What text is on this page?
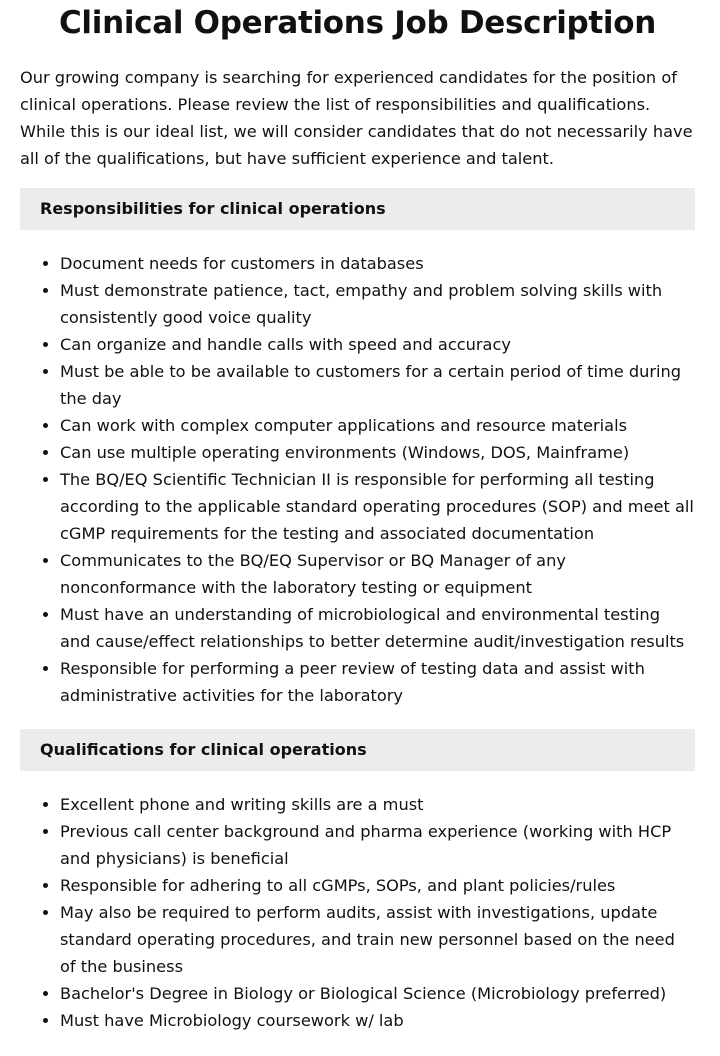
Clinical Operations Job Description

Our growing company is searching for experienced candidates for the position of clinical operations. Please review the list of responsibilities and qualifications. While this is our ideal list, we will consider candidates that do not necessarily have all of the qualifications, but have sufficient experience and talent.

Responsibilities for clinical operations
• Document needs for customers in databases
• Must demonstrate patience, tact, empathy and problem solving skills with consistently good voice quality
• Can organize and handle calls with speed and accuracy
• Must be able to be available to customers for a certain period of time during the day
• Can work with complex computer applications and resource materials
• Can use multiple operating environments (Windows, DOS, Mainframe)
• The BQ/EQ Scientific Technician II is responsible for performing all testing according to the applicable standard operating procedures (SOP) and meet all cGMP requirements for the testing and associated documentation
• Communicates to the BQ/EQ Supervisor or BQ Manager of any nonconformance with the laboratory testing or equipment
• Must have an understanding of microbiological and environmental testing and cause/effect relationships to better determine audit/investigation results
• Responsible for performing a peer review of testing data and assist with administrative activities for the laboratory
Qualifications for clinical operations
• Excellent phone and writing skills are a must
• Previous call center background and pharma experience (working with HCP and physicians) is beneficial
• Responsible for adhering to all cGMPs, SOPs, and plant policies/rules
• May also be required to perform audits, assist with investigations, update standard operating procedures, and train new personnel based on the need of the business
• Bachelor's Degree in Biology or Biological Science (Microbiology preferred)
• Must have Microbiology coursework w/ lab
